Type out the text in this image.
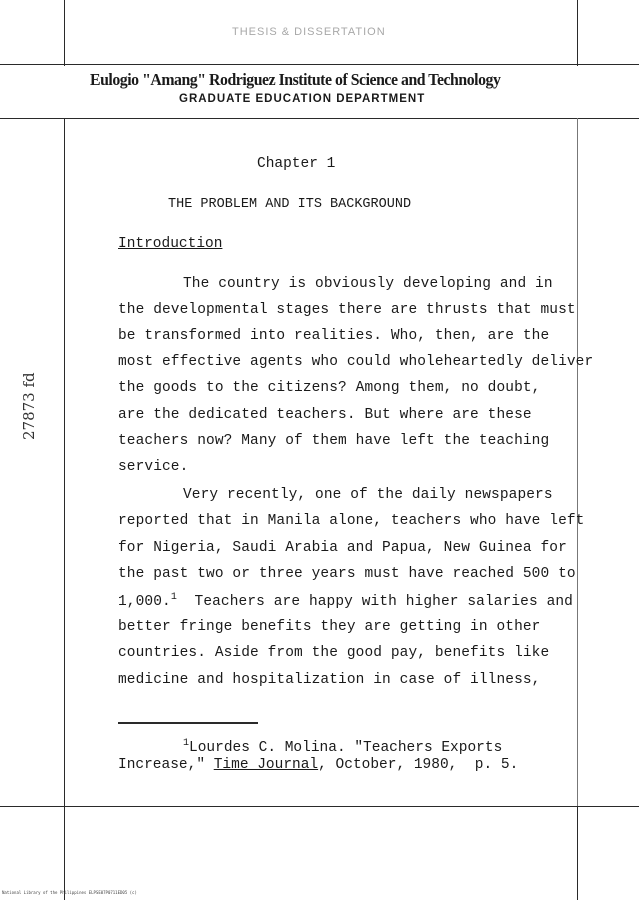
THESIS & DISSERTATION
Eulogio "Amang" Rodriguez Institute of Science and Technology
GRADUATE EDUCATION DEPARTMENT
Chapter 1
THE PROBLEM AND ITS BACKGROUND
Introduction
The country is obviously developing and in
the developmental stages there are thrusts that must
be transformed into realities. Who, then, are the
most effective agents who could wholeheartedly deliver
the goods to the citizens? Among them, no doubt,
are the dedicated teachers. But where are these
teachers now? Many of them have left the teaching
service.
Very recently, one of the daily newspapers
reported that in Manila alone, teachers who have left
for Nigeria, Saudi Arabia and Papua, New Guinea for
the past two or three years must have reached 500 to
1,000.$^1$  Teachers are happy with higher salaries and
better fringe benefits they are getting in other
countries. Aside from the good pay, benefits like
medicine and hospitalization in case of illness,
$^1$Lourdes C. Molina. "Teachers Exports
Increase," Time Journal, October, 1980,  p. 5.
27873 fd
National Library of the Philippines ELPSE07P0711ED05 (c)
